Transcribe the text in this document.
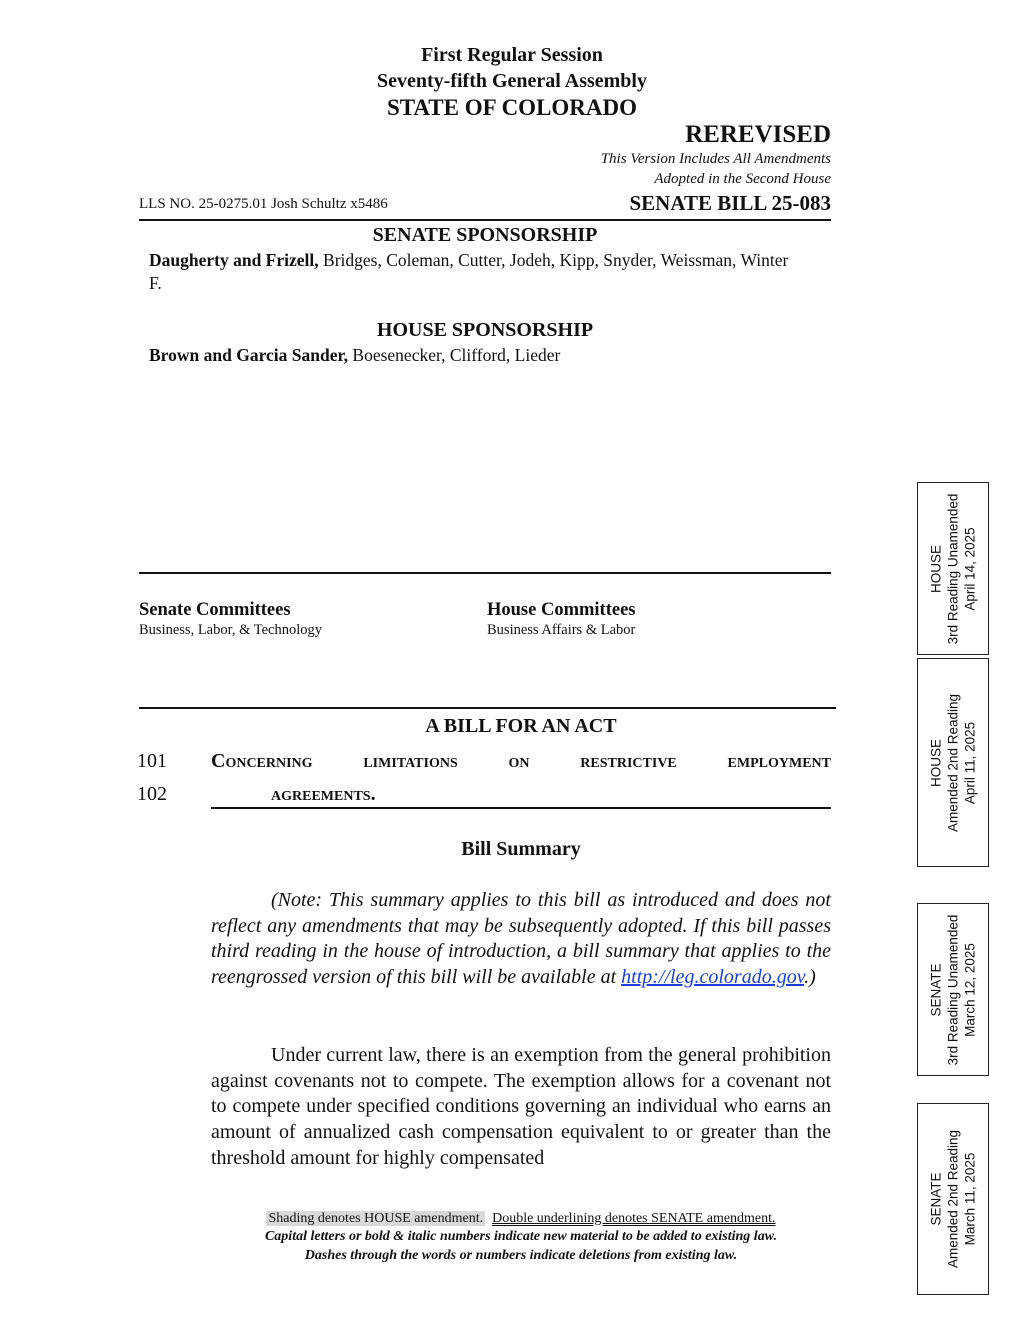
First Regular Session
Seventy-fifth General Assembly
STATE OF COLORADO
REREVISED
This Version Includes All Amendments
Adopted in the Second House
LLS NO. 25-0275.01 Josh Schultz x5486	SENATE BILL 25-083
SENATE SPONSORSHIP
Daugherty and Frizell, Bridges, Coleman, Cutter, Jodeh, Kipp, Snyder, Weissman, Winter
F.
HOUSE SPONSORSHIP
Brown and Garcia Sander, Boesenecker, Clifford, Lieder
Senate Committees
Business, Labor, & Technology
House Committees
Business Affairs & Labor
A BILL FOR AN ACT
101 Concerning limitations on restrictive employment
102	agreements.
Bill Summary
(Note: This summary applies to this bill as introduced and does not reflect any amendments that may be subsequently adopted. If this bill passes third reading in the house of introduction, a bill summary that applies to the reengrossed version of this bill will be available at http://leg.colorado.gov.)
Under current law, there is an exemption from the general prohibition against covenants not to compete. The exemption allows for a covenant not to compete under specified conditions governing an individual who earns an amount of annualized cash compensation equivalent to or greater than the threshold amount for highly compensated
Shading denotes HOUSE amendment. Double underlining denotes SENATE amendment.
Capital letters or bold & italic numbers indicate new material to be added to existing law.
Dashes through the words or numbers indicate deletions from existing law.
HOUSE 3rd Reading Unamended April 14, 2025
HOUSE Amended 2nd Reading April 11, 2025
SENATE 3rd Reading Unamended March 12, 2025
SENATE Amended 2nd Reading March 11, 2025
